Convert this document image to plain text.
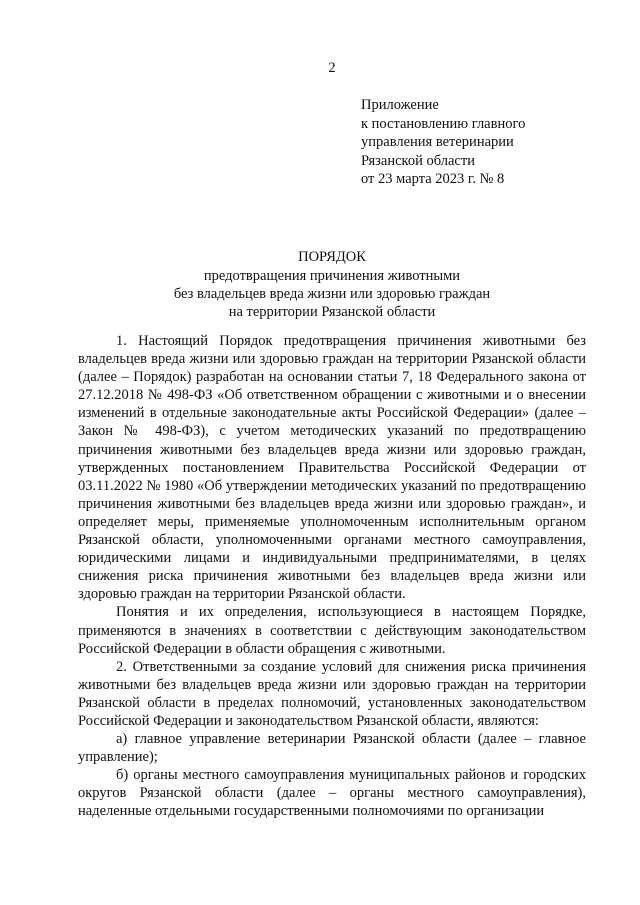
2
Приложение
к постановлению главного
управления ветеринарии
Рязанской области
от 23 марта 2023 г. № 8
ПОРЯДОК
предотвращения причинения животными
без владельцев вреда жизни или здоровью граждан
на территории Рязанской области

1. Настоящий Порядок предотвращения причинения животными без владельцев вреда жизни или здоровью граждан на территории Рязанской области (далее – Порядок) разработан на основании статьи 7, 18 Федерального закона от 27.12.2018 № 498-ФЗ «Об ответственном обращении с животными и о внесении изменений в отдельные законодательные акты Российской Федерации» (далее – Закон № 498-ФЗ), с учетом методических указаний по предотвращению причинения животными без владельцев вреда жизни или здоровью граждан, утвержденных постановлением Правительства Российской Федерации от 03.11.2022 № 1980 «Об утверждении методических указаний по предотвращению причинения животными без владельцев вреда жизни или здоровью граждан», и определяет меры, применяемые уполномоченным исполнительным органом Рязанской области, уполномоченными органами местного самоуправления, юридическими лицами и индивидуальными предпринимателями, в целях снижения риска причинения животными без владельцев вреда жизни или здоровью граждан на территории Рязанской области.

Понятия и их определения, использующиеся в настоящем Порядке, применяются в значениях в соответствии с действующим законодательством Российской Федерации в области обращения с животными.

2. Ответственными за создание условий для снижения риска причинения животными без владельцев вреда жизни или здоровью граждан на территории Рязанской области в пределах полномочий, установленных законодательством Российской Федерации и законодательством Рязанской области, являются:

а) главное управление ветеринарии Рязанской области (далее – главное управление);

б) органы местного самоуправления муниципальных районов и городских округов Рязанской области (далее – органы местного самоуправления), наделенные отдельными государственными полномочиями по организации
